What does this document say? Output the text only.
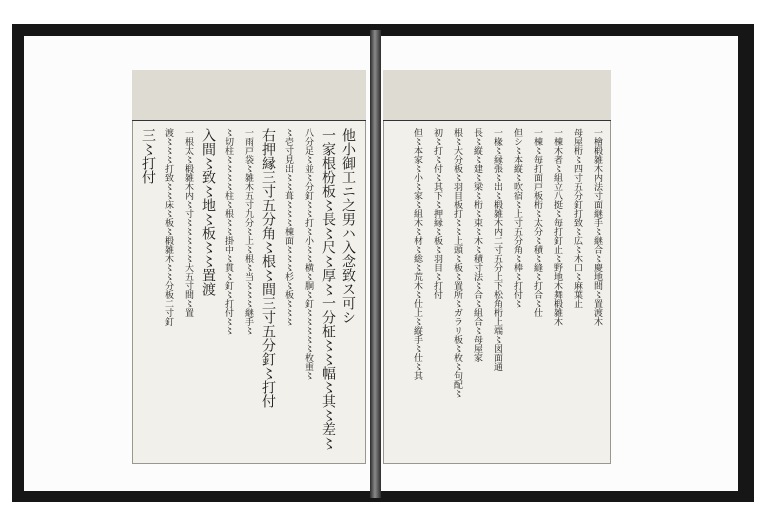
他小御工ニ之男ハ入念致ス可シ
一家根枌板〻長〻尺〻厚〻一分柾〻〻幅〻其〻差〻
八分足〻並〻分釘〻〻打〻小〻〻横〻胴〻釘〻〻〻〻〻枚重〻
〻壱寸見出〻〻葺〻〻〻棟面〻〻〻杉〻板〻〻〻
右押縁三寸五分角〻根〻間三寸五分釘〻打付
一雨戸袋〻雑木五寸九分〻上〻根〻当〻〻〻継手〻
〻切柱〻〻〻〻柱〻根〻〻掛中〻貫〻釘〻打付〻〻
入間〻致〻地〻板〻〻置渡
一根太〻椴雑木内〻寸〻〻〻〻〻大五寸間〻置
渡〻〻〻打致〻〻床〻板〻椴雑木〻〻分板二寸釘
三〻打付	一檜椴雑木内法寸面継手〻継合〻慶地間〻置渡木
母屋桁〻四寸五分釘打致〻広〻木口〻麻葉止
一棟木者〻組立八挺〻毎打釘止〻野地木舞椴雑木
一棟〻毎打面戸板桁〻太分〻積〻縫〻打合〻仕
但シ〻本縦〻吹宿〻上寸五分角〻棒〻打付〻
一椽〻縁張〻出〻椴雑木内二寸五分上下松角桁上端〻図面通
長〻縦〻建〻梁〻桁〻束〻木〻積寸法〻合〻組合〻母屋家
根〻大分板〻羽目板打〻〻上頭〻板〻置所〻ガラリ板〻枚〻句配〻
初〻打〻付〻其下〻押縁〻板〻羽目〻打付
但〻本家〻小〻家〻組木〻材〻総〻荒木〻仕上〻縦手〻仕〻其
